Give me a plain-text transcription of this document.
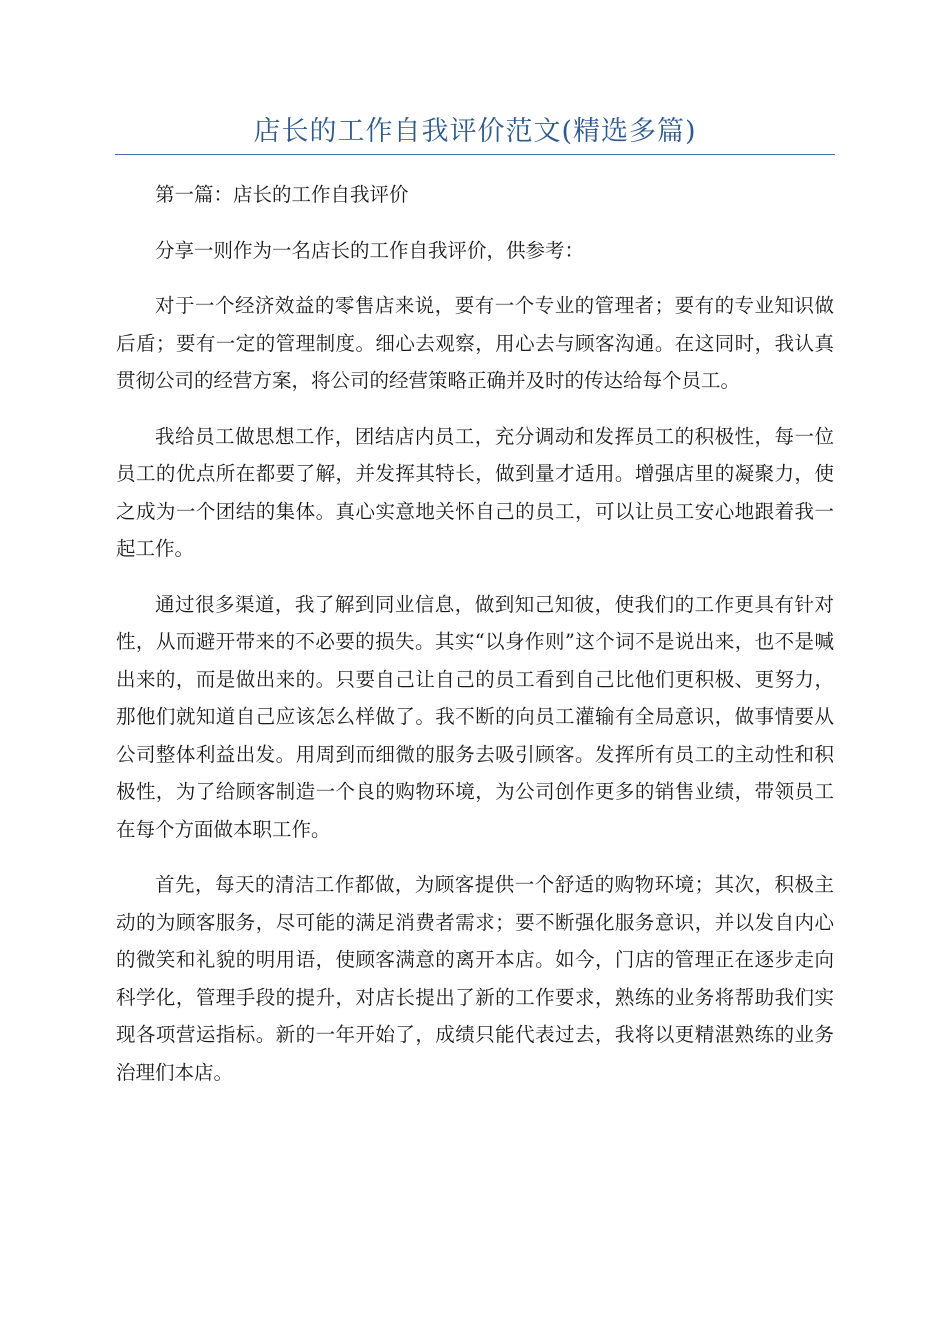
店长的工作自我评价范文(精选多篇)

第一篇：店长的工作自我评价

分享一则作为一名店长的工作自我评价，供参考：

对于一个经济效益的零售店来说，要有一个专业的管理者；要有的专业知识做后盾；要有一定的管理制度。细心去观察，用心去与顾客沟通。在这同时，我认真贯彻公司的经营方案，将公司的经营策略正确并及时的传达给每个员工。

我给员工做思想工作，团结店内员工，充分调动和发挥员工的积极性，每一位员工的优点所在都要了解，并发挥其特长，做到量才适用。增强店里的凝聚力，使之成为一个团结的集体。真心实意地关怀自己的员工，可以让员工安心地跟着我一起工作。

通过很多渠道，我了解到同业信息，做到知己知彼，使我们的工作更具有针对性，从而避开带来的不必要的损失。其实“以身作则”这个词不是说出来，也不是喊出来的，而是做出来的。只要自己让自己的员工看到自己比他们更积极、更努力，那他们就知道自己应该怎么样做了。我不断的向员工灌输有全局意识，做事情要从公司整体利益出发。用周到而细微的服务去吸引顾客。发挥所有员工的主动性和积极性，为了给顾客制造一个良的购物环境，为公司创作更多的销售业绩，带领员工在每个方面做本职工作。

首先，每天的清洁工作都做，为顾客提供一个舒适的购物环境；其次，积极主动的为顾客服务，尽可能的满足消费者需求；要不断强化服务意识，并以发自内心的微笑和礼貌的明用语，使顾客满意的离开本店。如今，门店的管理正在逐步走向科学化，管理手段的提升，对店长提出了新的工作要求，熟练的业务将帮助我们实现各项营运指标。新的一年开始了，成绩只能代表过去，我将以更精湛熟练的业务治理们本店。
